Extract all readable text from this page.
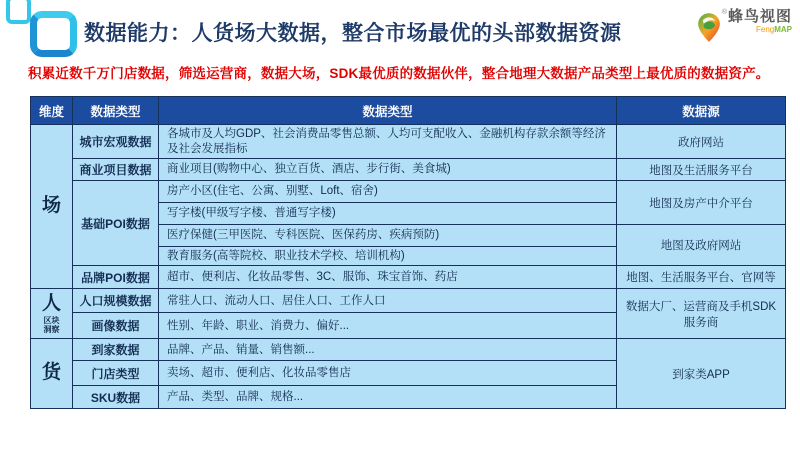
数据能力：人货场大数据，整合市场最优的头部数据资源
® 蜂鸟视图
FengMAP
积累近数千万门店数据，筛选运营商，数据大场，SDK最优质的数据伙伴，整合地理大数据产品类型上最优质的数据资产。
维度	数据类型	数据类型	数据源

场	城市宏观数据	各城市及人均GDP、社会消费品零售总额、人均可支配收入、金融机构存款余额等经济及社会发展指标	政府网站
	商业项目数据	商业项目(购物中心、独立百货、酒店、步行街、美食城)	地图及生活服务平台
	基础POI数据	房产小区(住宅、公寓、别墅、Loft、宿舍)	地图及房产中介平台
		写字楼(甲级写字楼、普通写字楼)	
		医疗保健(三甲医院、专科医院、医保药房、疾病预防)	地图及政府网站
		教育服务(高等院校、职业技术学校、培训机构)	
	品牌POI数据	超市、便利店、化妆品零售、3C、服饰、珠宝首饰、药店	地图、生活服务平台、官网等

人
区块
洞察	人口规模数据	常驻人口、流动人口、居住人口、工作人口	数据大厂、运营商及手机SDK服务商
	画像数据	性别、年龄、职业、消费力、偏好...	

货	到家数据	品牌、产品、销量、销售额...	到家类APP
	门店类型	卖场、超市、便利店、化妆品零售店	
	SKU数据	产品、类型、品牌、规格...	
